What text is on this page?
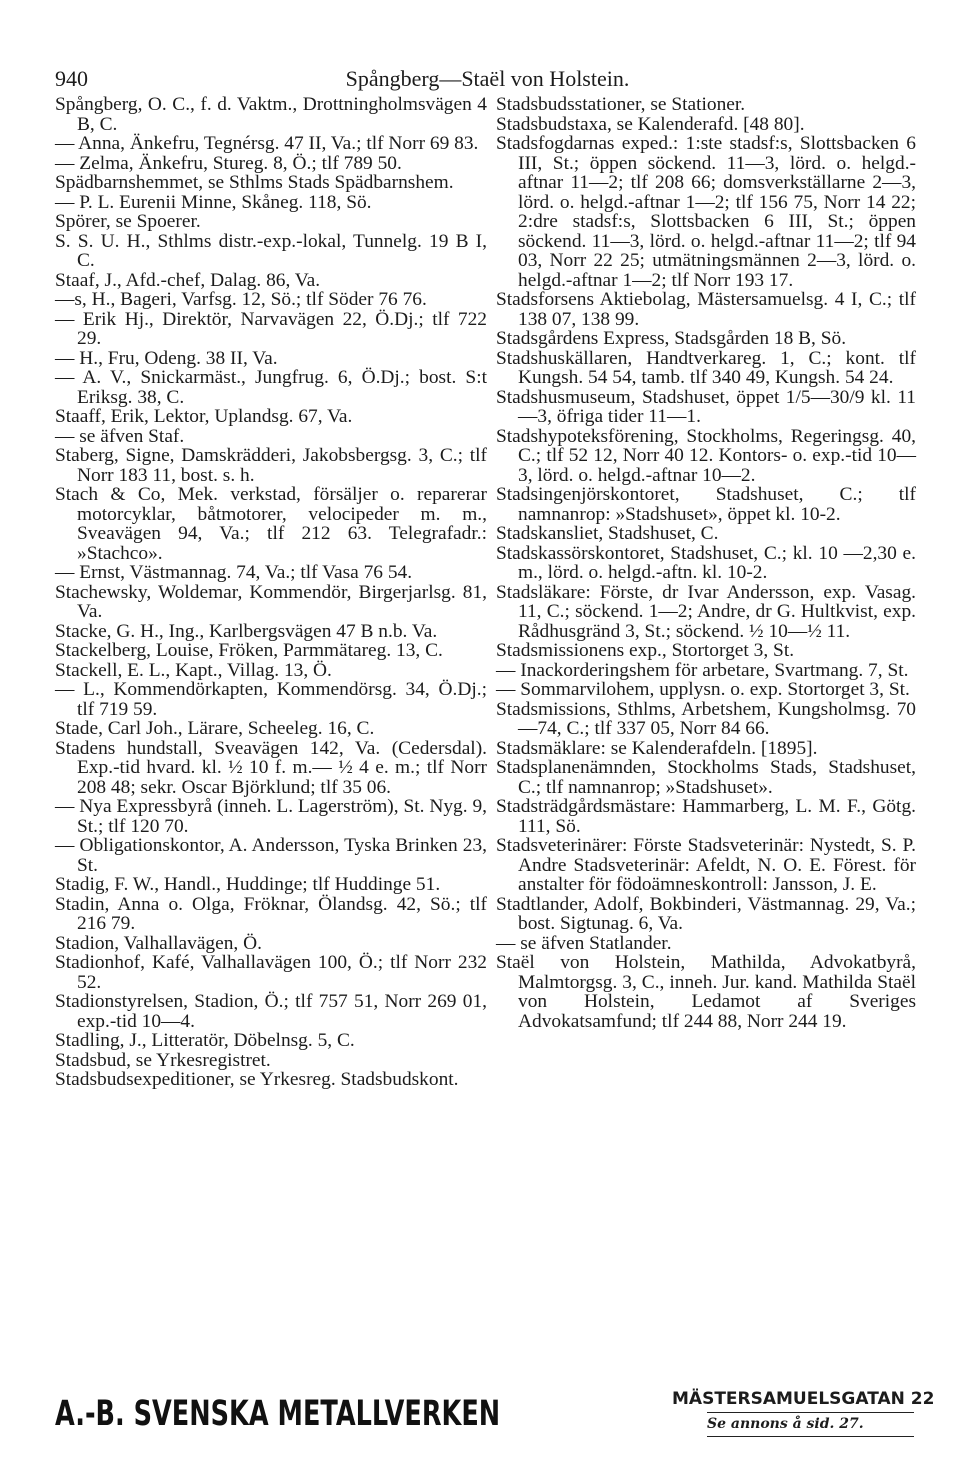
940	Spångberg—Staël von Holstein.

Spångberg, O. C., f. d. Vaktm., Drottningholmsvägen 4 B, C.

— Anna, Änkefru, Tegnérsg. 47 II, Va.; tlf Norr 69 83.

— Zelma, Änkefru, Stureg. 8, Ö.; tlf 789 50.

Spädbarnshemmet, se Sthlms Stads Spädbarnshem.

— P. L. Eurenii Minne, Skåneg. 118, Sö.

Spörer, se Spoerer.

S. S. U. H., Sthlms distr.-exp.-lokal, Tunnelg. 19 B I, C.

Staaf, J., Afd.-chef, Dalag. 86, Va.

—s, H., Bageri, Varfsg. 12, Sö.; tlf Söder 76 76.

— Erik Hj., Direktör, Narvavägen 22, Ö.Dj.; tlf 722 29.

— H., Fru, Odeng. 38 II, Va.

— A. V., Snickarmäst., Jungfrug. 6, Ö.Dj.; bost. S:t Eriksg. 38, C.

Staaff, Erik, Lektor, Uplandsg. 67, Va.

— se äfven Staf.

Staberg, Signe, Damskrädderi, Jakobsbergsg. 3, C.; tlf Norr 183 11, bost. s. h.

Stach & Co, Mek. verkstad, försäljer o. reparerar motorcyklar, båtmotorer, velocipeder m. m., Sveavägen 94, Va.; tlf 212 63. Telegrafadr.: »Stachco».

— Ernst, Västmannag. 74, Va.; tlf Vasa 76 54.

Stachewsky, Woldemar, Kommendör, Birgerjarlsg. 81, Va.

Stacke, G. H., Ing., Karlbergsvägen 47 B n.b. Va.

Stackelberg, Louise, Fröken, Parmmätareg. 13, C.

Stackell, E. L., Kapt., Villag. 13, Ö.

— L., Kommendörkapten, Kommendörsg. 34, Ö.Dj.; tlf 719 59.

Stade, Carl Joh., Lärare, Scheeleg. 16, C.

Stadens hundstall, Sveavägen 142, Va. (Cedersdal). Exp.-tid hvard. kl. ½ 10 f. m.— ½ 4 e. m.; tlf Norr 208 48; sekr. Oscar Björklund; tlf 35 06.

— Nya Expressbyrå (inneh. L. Lagerström), St. Nyg. 9, St.; tlf 120 70.

— Obligationskontor, A. Andersson, Tyska Brinken 23, St.

Stadig, F. W., Handl., Huddinge; tlf Huddinge 51.

Stadin, Anna o. Olga, Fröknar, Ölandsg. 42, Sö.; tlf 216 79.

Stadion, Valhallavägen, Ö.

Stadionhof, Kafé, Valhallavägen 100, Ö.; tlf Norr 232 52.

Stadionstyrelsen, Stadion, Ö.; tlf 757 51, Norr 269 01, exp.-tid 10—4.

Stadling, J., Litteratör, Döbelnsg. 5, C.

Stadsbud, se Yrkesregistret.

Stadsbudsexpeditioner, se Yrkesreg. Stadsbudskont.

Stadsbudsstationer, se Stationer.

Stadsbudstaxa, se Kalenderafd. [48 80].

Stadsfogdarnas exped.: 1:ste stadsf:s, Slottsbacken 6 III, St.; öppen söckend. 11—3, lörd. o. helgd.-aftnar 11—2; tlf 208 66; domsverkställarne 2—3, lörd. o. helgd.-aftnar 1—2; tlf 156 75, Norr 14 22; 2:dre stadsf:s, Slottsbacken 6 III, St.; öppen söckend. 11—3, lörd. o. helgd.-aftnar 11—2; tlf 94 03, Norr 22 25; utmätningsmännen 2—3, lörd. o. helgd.-aftnar 1—2; tlf Norr 193 17.

Stadsforsens Aktiebolag, Mästersamuelsg. 4 I, C.; tlf 138 07, 138 99.

Stadsgårdens Express, Stadsgården 18 B, Sö.

Stadshuskällaren, Handtverkareg. 1, C.; kont. tlf Kungsh. 54 54, tamb. tlf 340 49, Kungsh. 54 24.

Stadshusmuseum, Stadshuset, öppet 1/5—30/9 kl. 11—3, öfriga tider 11—1.

Stadshypoteksförening, Stockholms, Regeringsg. 40, C.; tlf 52 12, Norr 40 12. Kontors- o. exp.-tid 10—3, lörd. o. helgd.-aftnar 10—2.

Stadsingenjörskontoret, Stadshuset, C.; tlf namnanrop: »Stadshuset», öppet kl. 10-2.

Stadskansliet, Stadshuset, C.

Stadskassörskontoret, Stadshuset, C.; kl. 10 —2,30 e. m., lörd. o. helgd.-aftn. kl. 10-2.

Stadsläkare: Förste, dr Ivar Andersson, exp. Vasag. 11, C.; söckend. 1—2; Andre, dr G. Hultkvist, exp. Rådhusgränd 3, St.; söckend. ½ 10—½ 11.

Stadsmissionens exp., Stortorget 3, St.

— Inackorderingshem för arbetare, Svartmang. 7, St.

— Sommarvilohem, upplysn. o. exp. Stortorget 3, St.

Stadsmissions, Sthlms, Arbetshem, Kungsholmsg. 70—74, C.; tlf 337 05, Norr 84 66.

Stadsmäklare: se Kalenderafdeln. [1895].

Stadsplanenämnden, Stockholms Stads, Stadshuset, C.; tlf namnanrop; »Stadshuset».

Stadsträdgårdsmästare: Hammarberg, L. M. F., Götg. 111, Sö.

Stadsveterinärer: Förste Stadsveterinär: Nystedt, S. P. Andre Stadsveterinär: Afeldt, N. O. E. Förest. för anstalter för födoämneskontroll: Jansson, J. E.

Stadtlander, Adolf, Bokbinderi, Västmannag. 29, Va.; bost. Sigtunag. 6, Va.

— se äfven Statlander.

Staël von Holstein, Mathilda, Advokatbyrå, Malmtorgsg. 3, C., inneh. Jur. kand. Mathilda Staël von Holstein, Ledamot af Sveriges Advokatsamfund; tlf 244 88, Norr 244 19.

A.-B. SVENSKA METALLVERKEN	MÄSTERSAMUELSGATAN 22
Se annons å sid. 27.
